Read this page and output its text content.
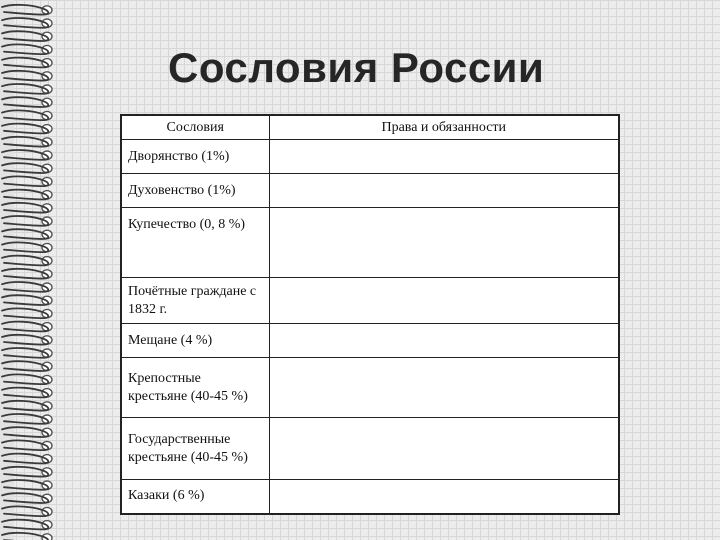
Сословия России
Сословия	Права и обязанности

Дворянство (1%)	

Духовенство (1%)	

Купечество (0, 8 %)	

Почётные граждане с 1832 г.	

Мещане (4 %)	

Крепостные крестьяне (40-45 %)	

Государственные крестьяне (40-45 %)	

Казаки (6 %)	
